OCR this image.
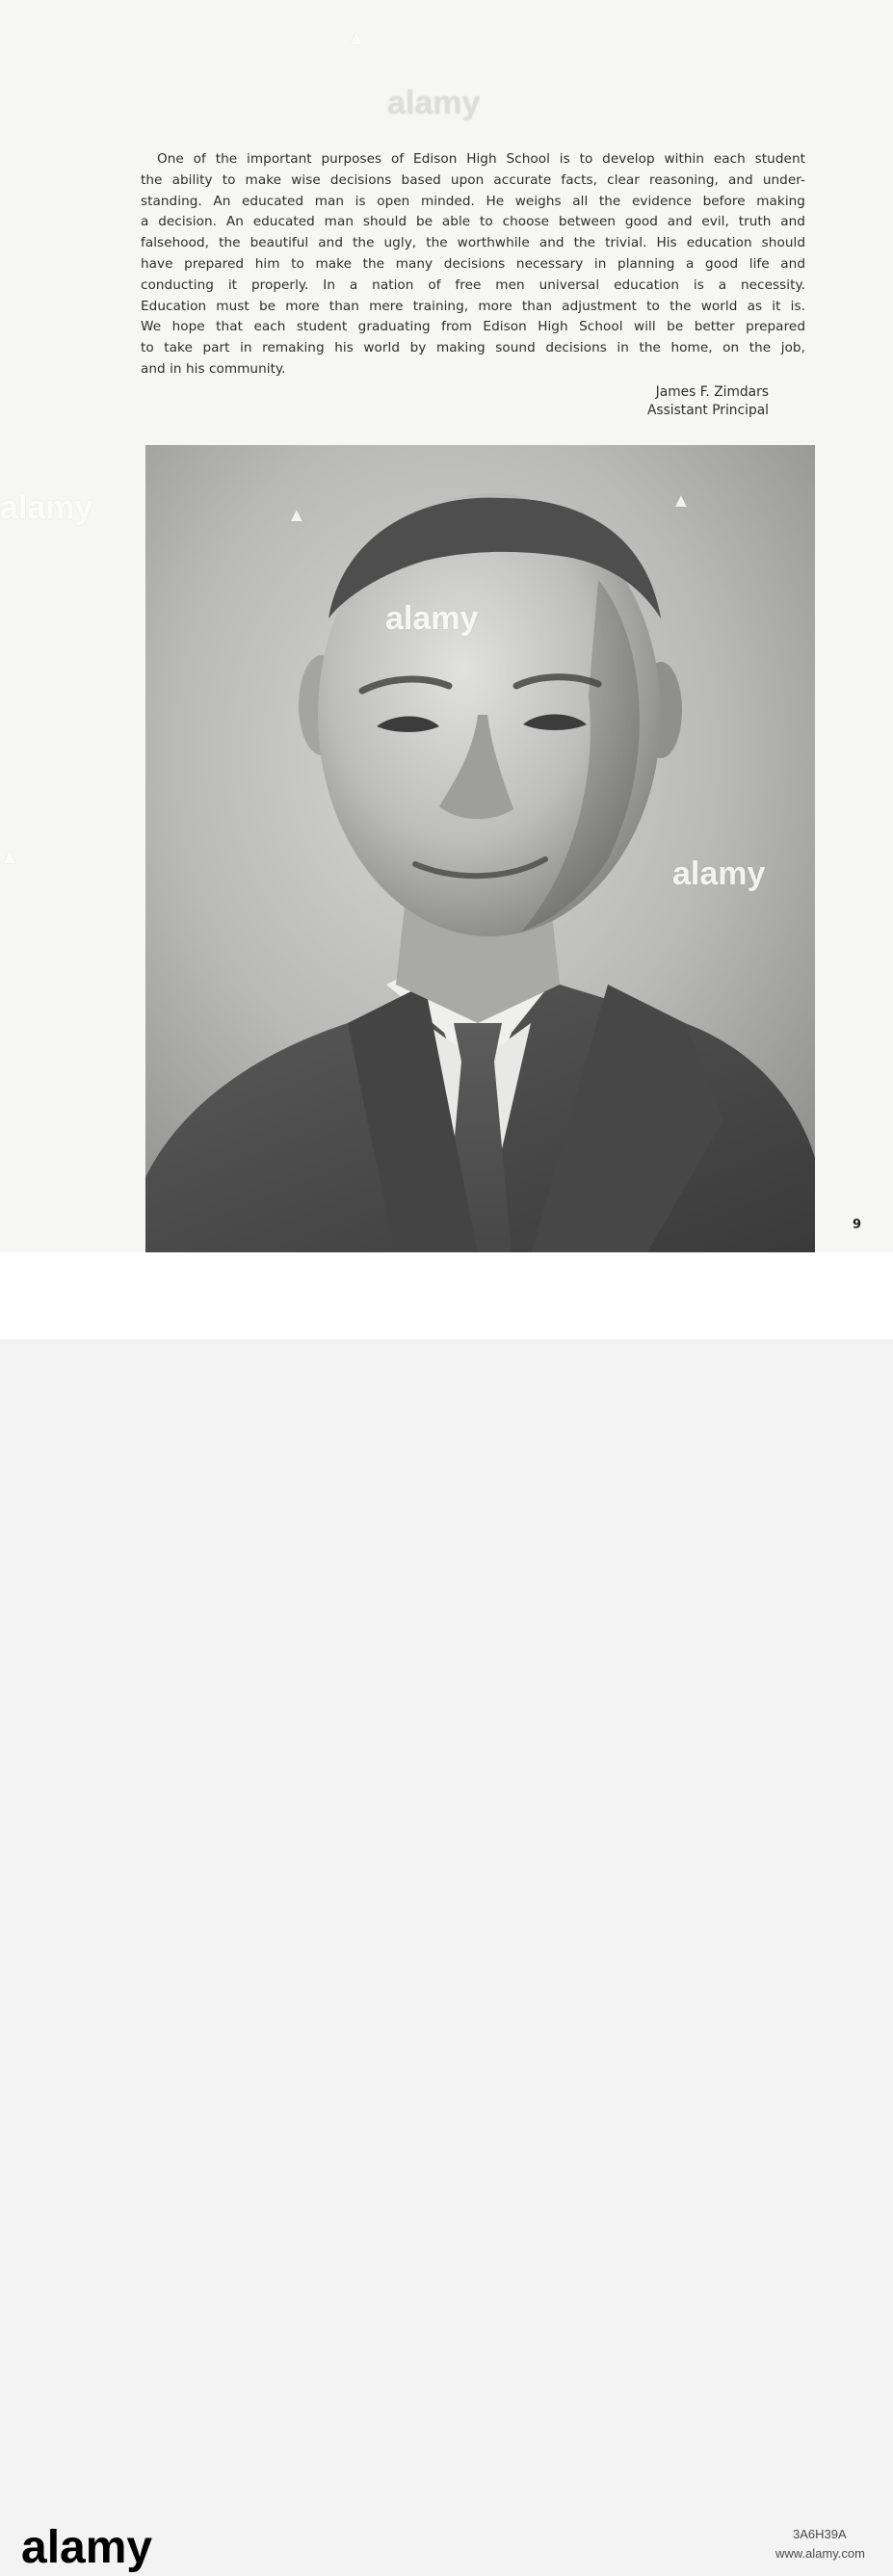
One of the important purposes of Edison High School is to develop within each student
the ability to make wise decisions based upon accurate facts, clear reasoning, and under-
standing. An educated man is open minded. He weighs all the evidence before making
a decision. An educated man should be able to choose between good and evil, truth and
falsehood, the beautiful and the ugly, the worthwhile and the trivial. His education should
have prepared him to make the many decisions necessary in planning a good life and
conducting it properly. In a nation of free men universal education is a necessity.
Education must be more than mere training, more than adjustment to the world as it is.
We hope that each student graduating from Edison High School will be better prepared
to take part in remaking his world by making sound decisions in the home, on the job,
and in his community.
James F. Zimdars
Assistant Principal
9
▲
alamy
alamy	▲
▲
alamy
▲	alamy
alamy	3A6H39A
www.alamy.com
